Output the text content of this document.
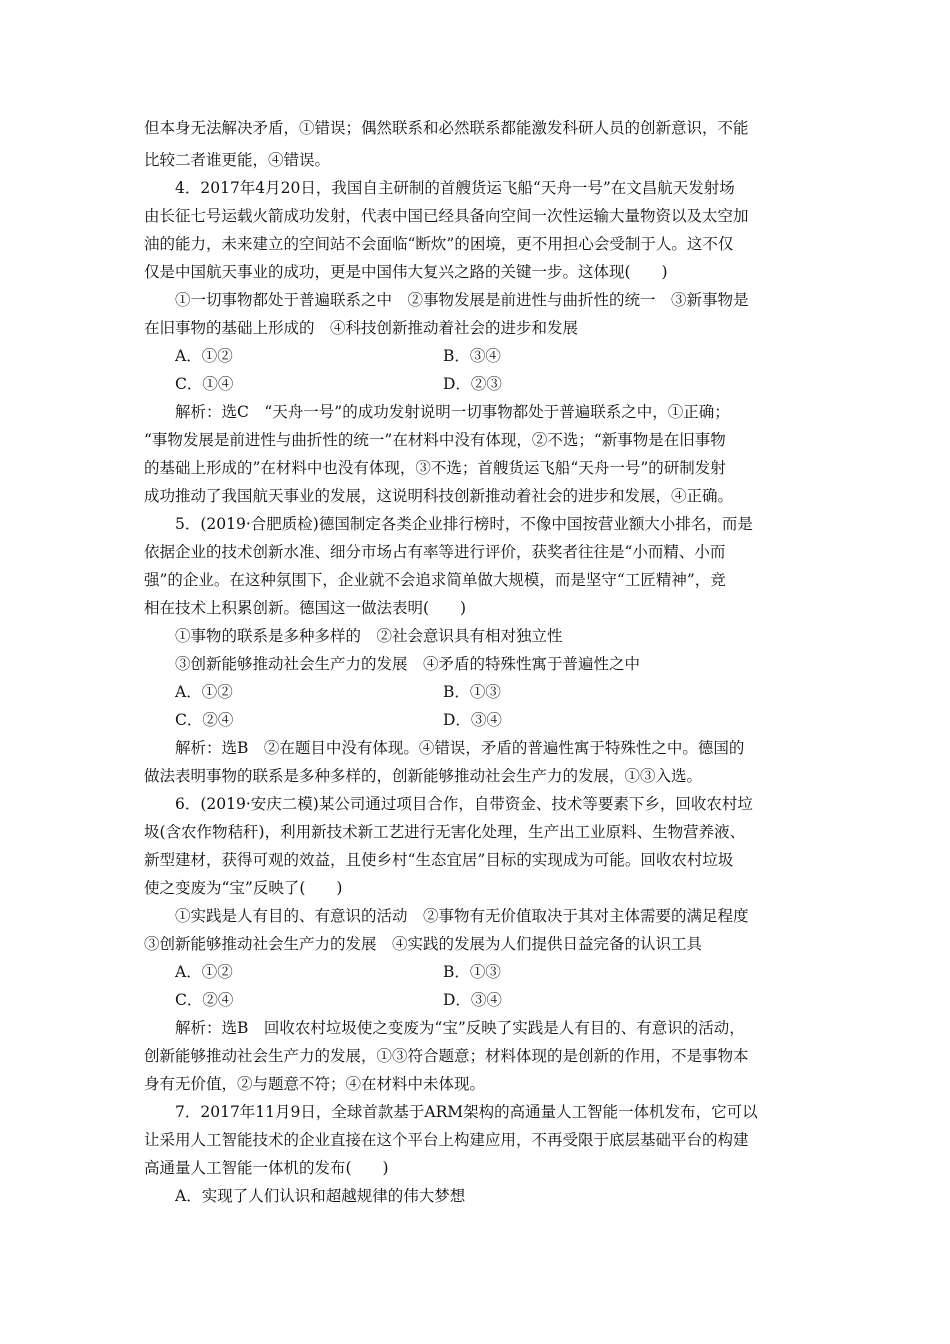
但本身无法解决矛盾，①错误；偶然联系和必然联系都能激发科研人员的创新意识，不能
比较二者谁更能，④错误。
4．2017年4月20日，我国自主研制的首艘货运飞船“天舟一号”在文昌航天发射场
由长征七号运载火箭成功发射，代表中国已经具备向空间一次性运输大量物资以及太空加
油的能力，未来建立的空间站不会面临“断炊”的困境，更不用担心会受制于人。这不仅
仅是中国航天事业的成功，更是中国伟大复兴之路的关键一步。这体现(　　)
①一切事物都处于普遍联系之中　②事物发展是前进性与曲折性的统一　③新事物是
在旧事物的基础上形成的　④科技创新推动着社会的进步和发展
A．①②	B．③④
C．①④	D．②③
解析：选C　“天舟一号”的成功发射说明一切事物都处于普遍联系之中，①正确；
“事物发展是前进性与曲折性的统一”在材料中没有体现，②不选；“新事物是在旧事物
的基础上形成的”在材料中也没有体现，③不选；首艘货运飞船“天舟一号”的研制发射
成功推动了我国航天事业的发展，这说明科技创新推动着社会的进步和发展，④正确。
5．(2019·合肥质检)德国制定各类企业排行榜时，不像中国按营业额大小排名，而是
依据企业的技术创新水准、细分市场占有率等进行评价，获奖者往往是“小而精、小而
强”的企业。在这种氛围下，企业就不会追求简单做大规模，而是坚守“工匠精神”，竞
相在技术上积累创新。德国这一做法表明(　　)
①事物的联系是多种多样的　②社会意识具有相对独立性
③创新能够推动社会生产力的发展　④矛盾的特殊性寓于普遍性之中
A．①②	B．①③
C．②④	D．③④
解析：选B　②在题目中没有体现。④错误，矛盾的普遍性寓于特殊性之中。德国的
做法表明事物的联系是多种多样的，创新能够推动社会生产力的发展，①③入选。
6．(2019·安庆二模)某公司通过项目合作，自带资金、技术等要素下乡，回收农村垃
圾(含农作物秸秆)，利用新技术新工艺进行无害化处理，生产出工业原料、生物营养液、
新型建材，获得可观的效益，且使乡村“生态宜居”目标的实现成为可能。回收农村垃圾
使之变废为“宝”反映了(　　)
①实践是人有目的、有意识的活动　②事物有无价值取决于其对主体需要的满足程度
③创新能够推动社会生产力的发展　④实践的发展为人们提供日益完备的认识工具
A．①②	B．①③
C．②④	D．③④
解析：选B　回收农村垃圾使之变废为“宝”反映了实践是人有目的、有意识的活动，
创新能够推动社会生产力的发展，①③符合题意；材料体现的是创新的作用，不是事物本
身有无价值，②与题意不符；④在材料中未体现。
7．2017年11月9日，全球首款基于ARM架构的高通量人工智能一体机发布，它可以
让采用人工智能技术的企业直接在这个平台上构建应用，不再受限于底层基础平台的构建
高通量人工智能一体机的发布(　　)
A．实现了人们认识和超越规律的伟大梦想
